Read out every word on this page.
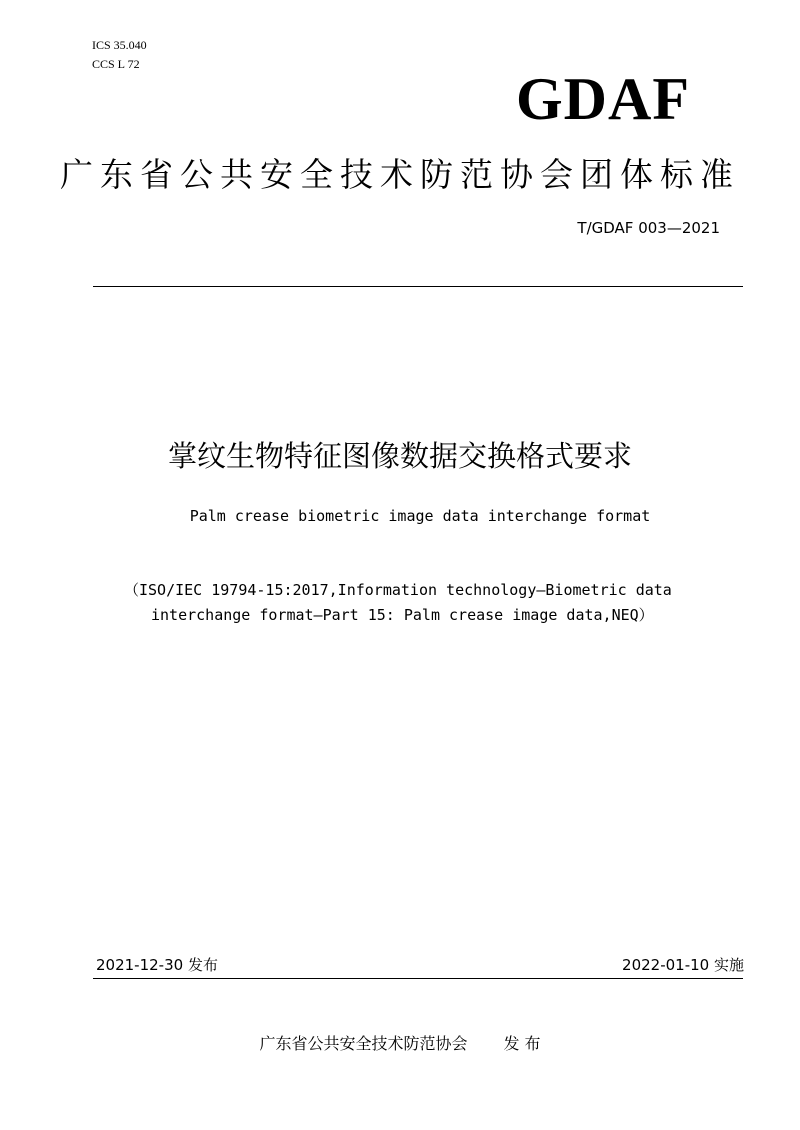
ICS 35.040
CCS L 72
GDAF
广东省公共安全技术防范协会团体标准
T/GDAF 003—2021
掌纹生物特征图像数据交换格式要求
Palm crease biometric image data interchange format
（ISO/IEC 19794-15:2017,Information technology—Biometric data
interchange format—Part 15: Palm crease image data,NEQ）
2021-12-30 发布	2022-01-10 实施
广东省公共安全技术防范协会 发 布
